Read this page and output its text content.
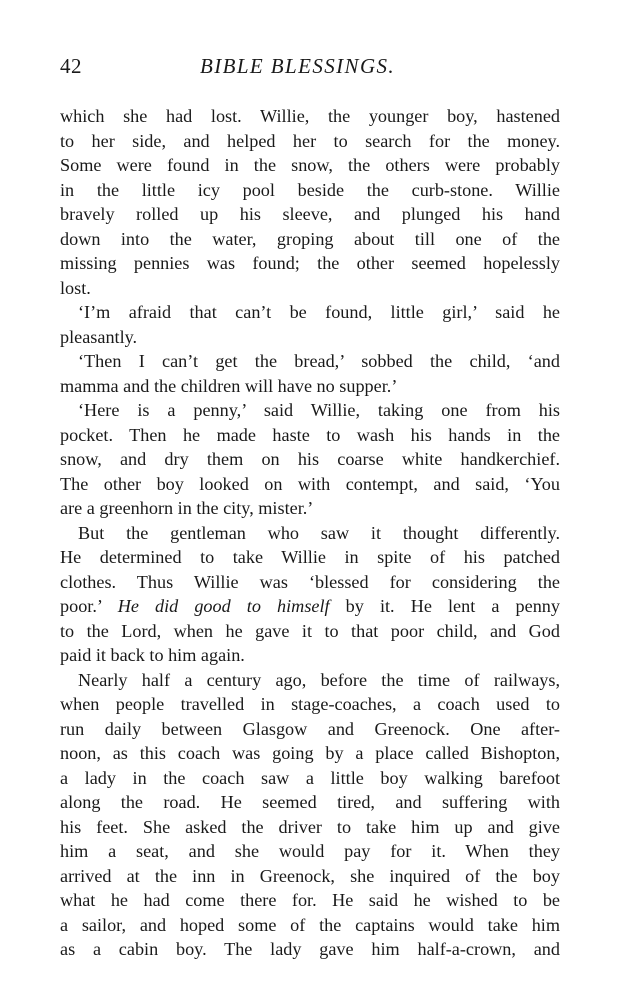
42	BIBLE BLESSINGS.
which she had lost. Willie, the younger boy, hastened
to her side, and helped her to search for the money.
Some were found in the snow, the others were probably
in the little icy pool beside the curb-stone. Willie
bravely rolled up his sleeve, and plunged his hand
down into the water, groping about till one of the
missing pennies was found; the other seemed hopelessly
lost.
‘I’m afraid that can’t be found, little girl,’ said he
pleasantly.
‘Then I can’t get the bread,’ sobbed the child, ‘and
mamma and the children will have no supper.’
‘Here is a penny,’ said Willie, taking one from his
pocket. Then he made haste to wash his hands in the
snow, and dry them on his coarse white handkerchief.
The other boy looked on with contempt, and said, ‘You
are a greenhorn in the city, mister.’
But the gentleman who saw it thought differently.
He determined to take Willie in spite of his patched
clothes. Thus Willie was ‘blessed for considering the
poor.’ He did good to himself by it. He lent a penny
to the Lord, when he gave it to that poor child, and God
paid it back to him again.
Nearly half a century ago, before the time of railways,
when people travelled in stage-coaches, a coach used to
run daily between Glasgow and Greenock. One after-
noon, as this coach was going by a place called Bishopton,
a lady in the coach saw a little boy walking barefoot
along the road. He seemed tired, and suffering with
his feet. She asked the driver to take him up and give
him a seat, and she would pay for it. When they
arrived at the inn in Greenock, she inquired of the boy
what he had come there for. He said he wished to be
a sailor, and hoped some of the captains would take him
as a cabin boy. The lady gave him half-a-crown, and
